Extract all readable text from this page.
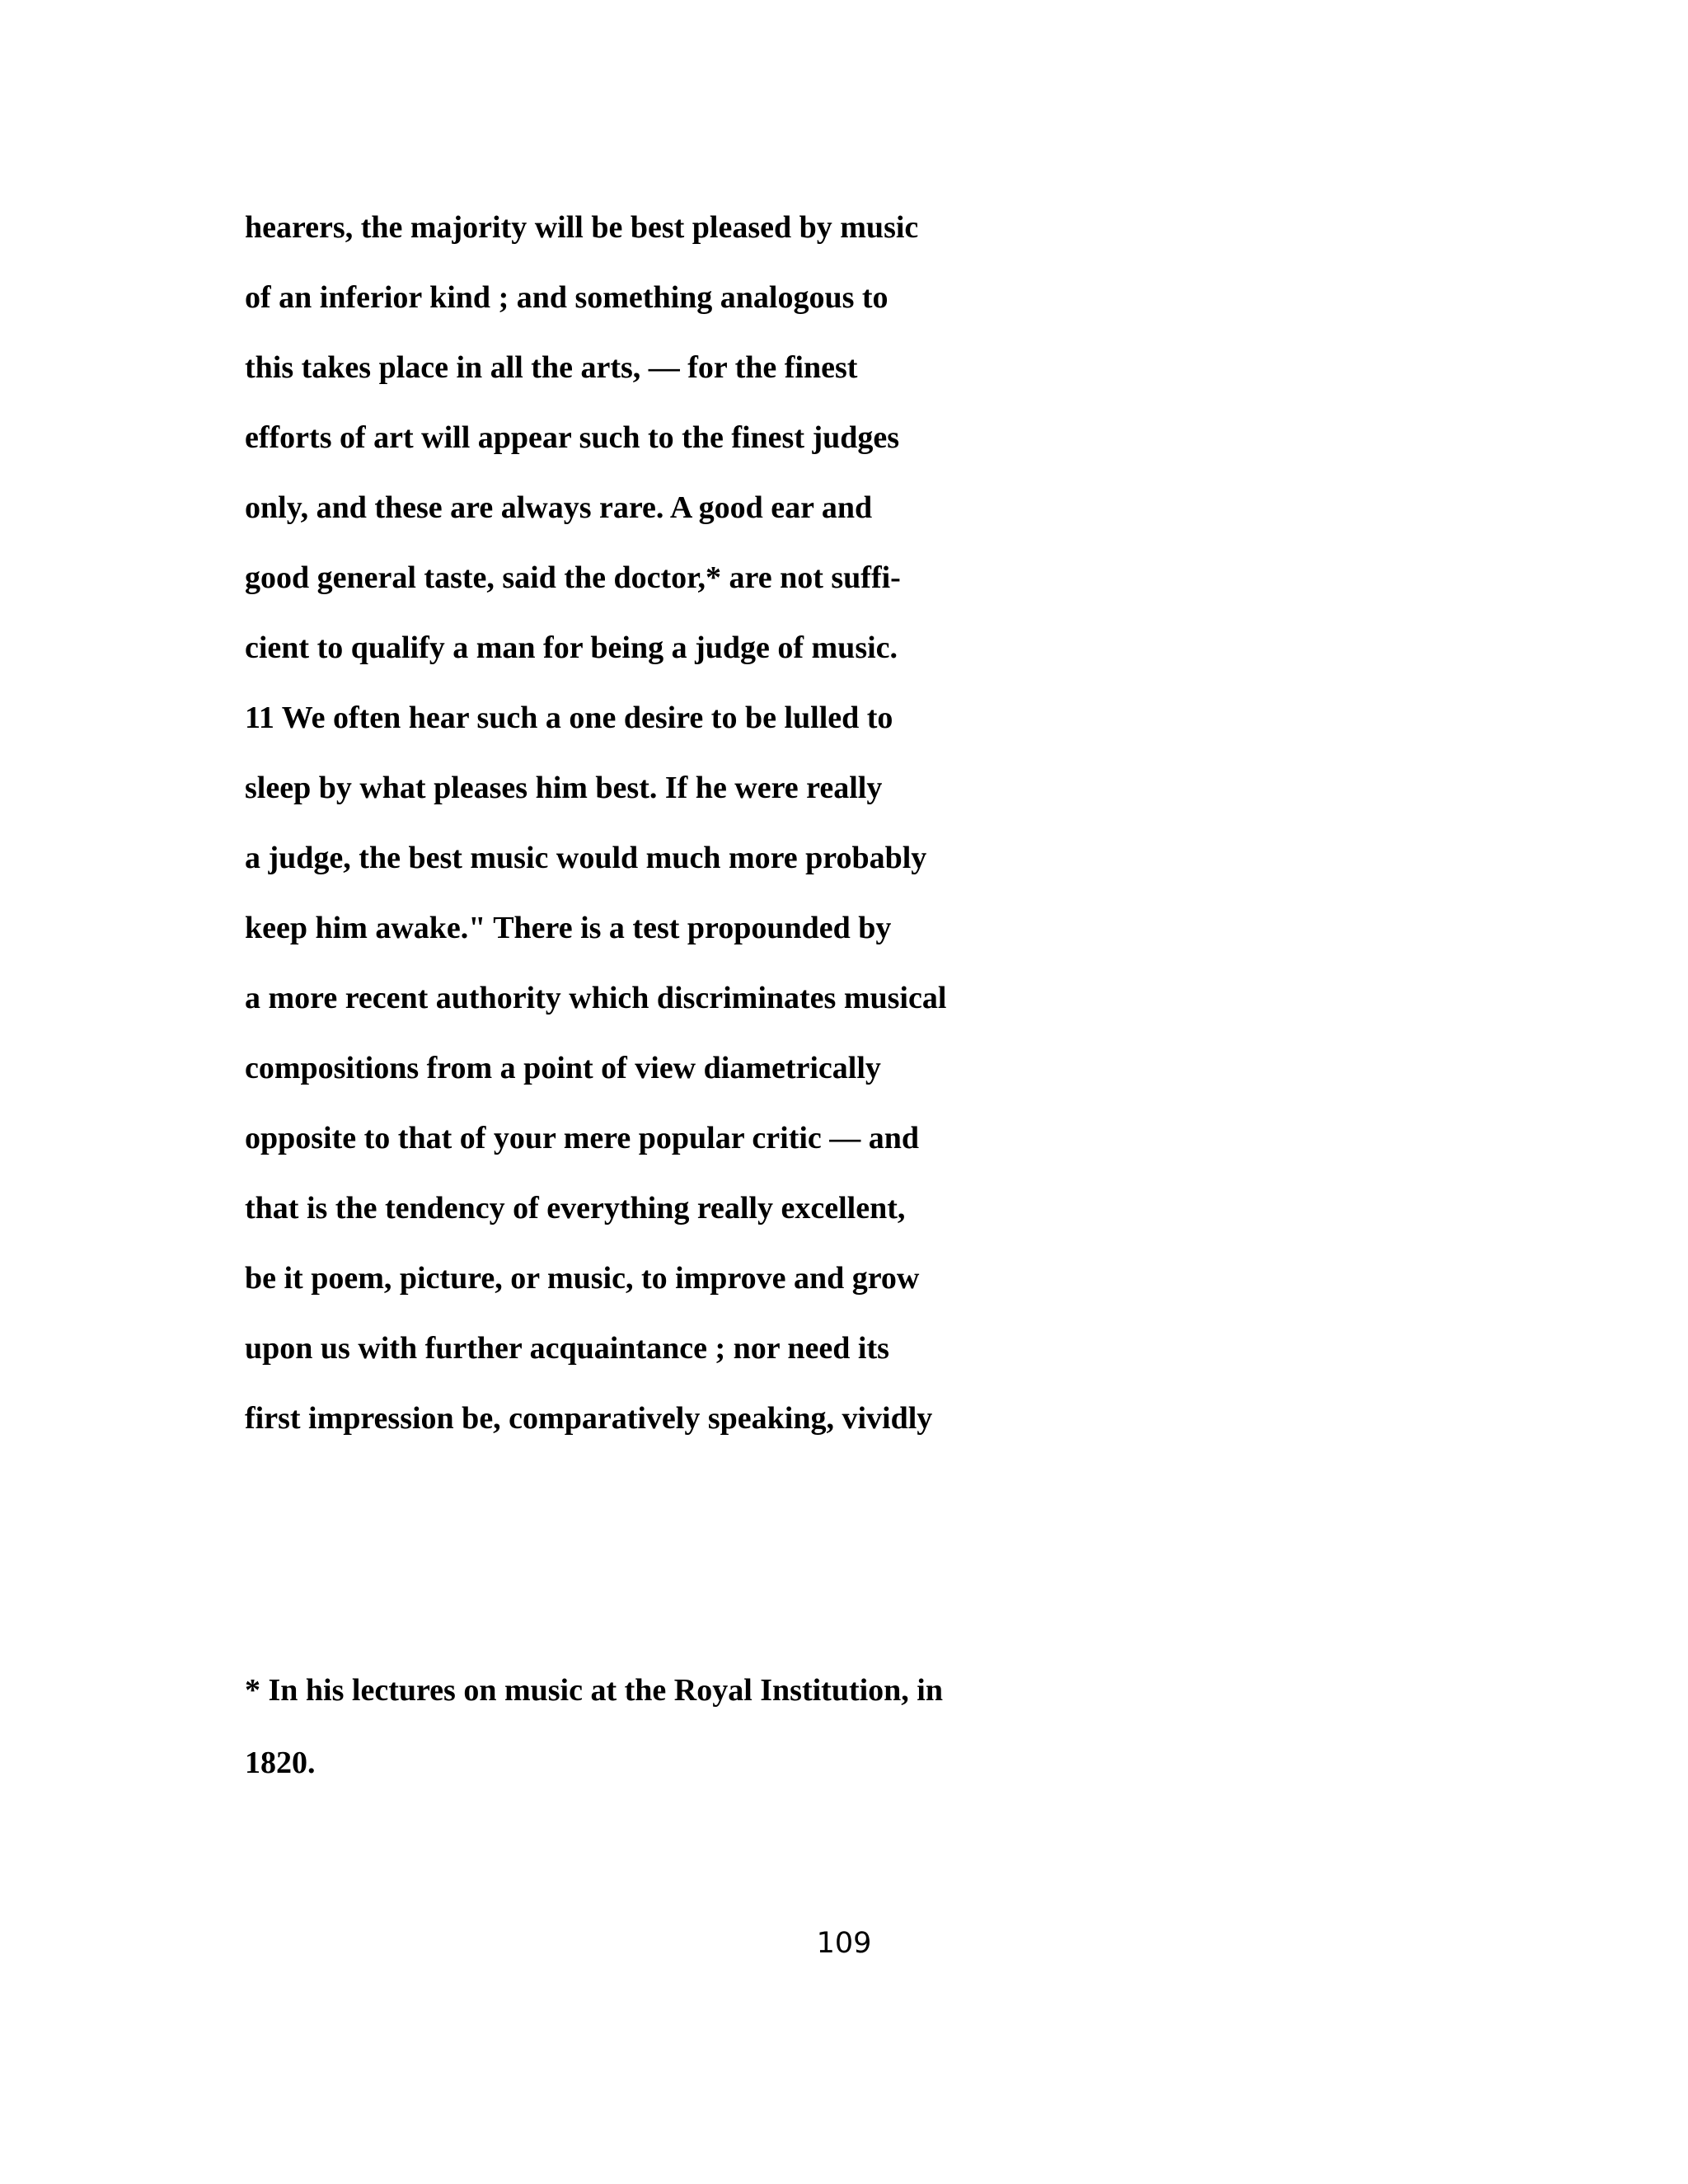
hearers, the majority will be best pleased by music
of an inferior kind ; and something analogous to
this takes place in all the arts, — for the finest
efforts of art will appear such to the finest judges
only, and these are always rare. A good ear and
good general taste, said the doctor,* are not suffi-
cient to qualify a man for being a judge of music.
11 We often hear such a one desire to be lulled to
sleep by what pleases him best. If he were really
a judge, the best music would much more probably
keep him awake." There is a test propounded by
a more recent authority which discriminates musical
compositions from a point of view diametrically
opposite to that of your mere popular critic — and
that is the tendency of everything really excellent,
be it poem, picture, or music, to improve and grow
upon us with further acquaintance ; nor need its
first impression be, comparatively speaking, vividly
* In his lectures on music at the Royal Institution, in
1820.
109
